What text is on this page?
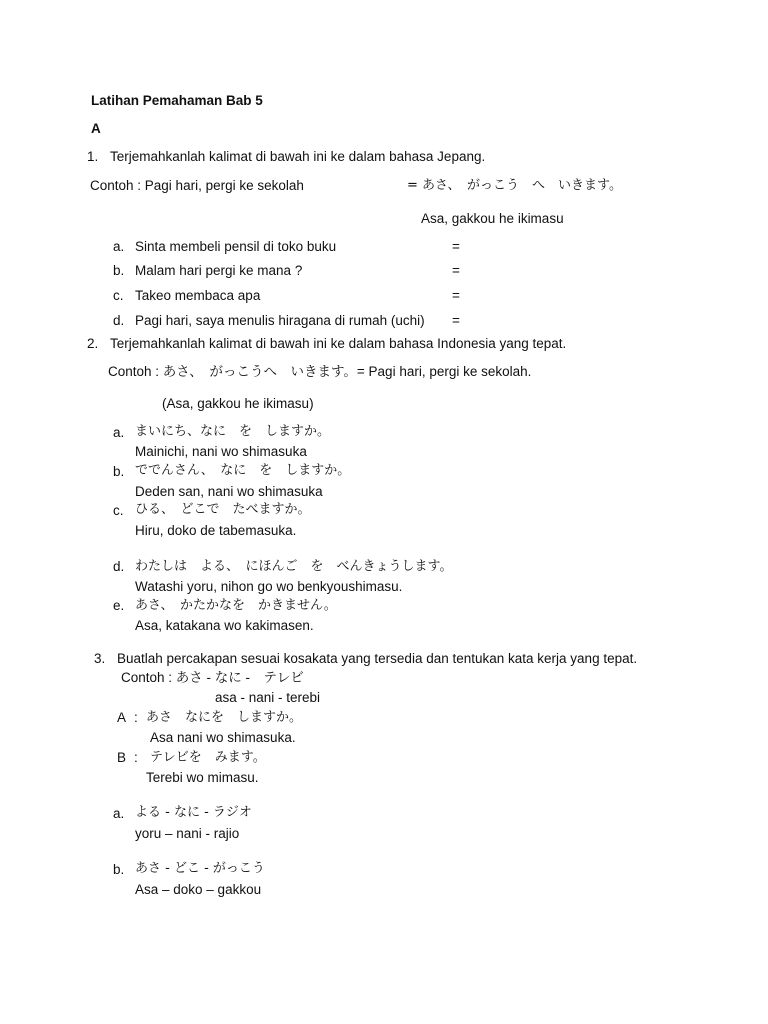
Latihan Pemahaman Bab 5
A
1. Terjemahkanlah kalimat di bawah ini ke dalam bahasa Jepang.
Contoh : Pagi hari, pergi ke sekolah	= あさ、　がっこう　へ　いきます。
Asa, gakkou he ikimasu
a. Sinta membeli pensil di toko buku	=
b. Malam hari pergi ke mana ?	=
c. Takeo membaca apa	=
d. Pagi hari, saya menulis hiragana di rumah (uchi) =
2. Terjemahkanlah kalimat di bawah ini ke dalam bahasa Indonesia yang tepat.
Contoh : あさ、　がっこうへ　いきます。= Pagi hari, pergi ke sekolah.
(Asa, gakkou he ikimasu)
a. まいにち、なに　を　しますか。
Mainichi, nani wo shimasuka
b. ででんさん、　なに　を　しますか。
Deden san, nani wo shimasuka
c. ひる、　どこで　たべますか。
Hiru, doko de tabemasuka.
d. わたしは　よる、　にほんご　を　べんきょうします。
Watashi yoru, nihon go wo benkyoushimasu.
e. あさ、　かたかなを　かきません。
Asa, katakana wo kakimasen.
3. Buatlah percakapan sesuai kosakata yang tersedia dan tentukan kata kerja yang tepat.
Contoh : あさ - なに -　テレビ
asa - nani - terebi
A : あさ　なにを　しますか。
Asa nani wo shimasuka.
B : テレビを　みます。
Terebi wo mimasu.
a. よる - なに - ラジオ
yoru – nani - rajio
b. あさ - どこ - がっこう
Asa – doko – gakkou
